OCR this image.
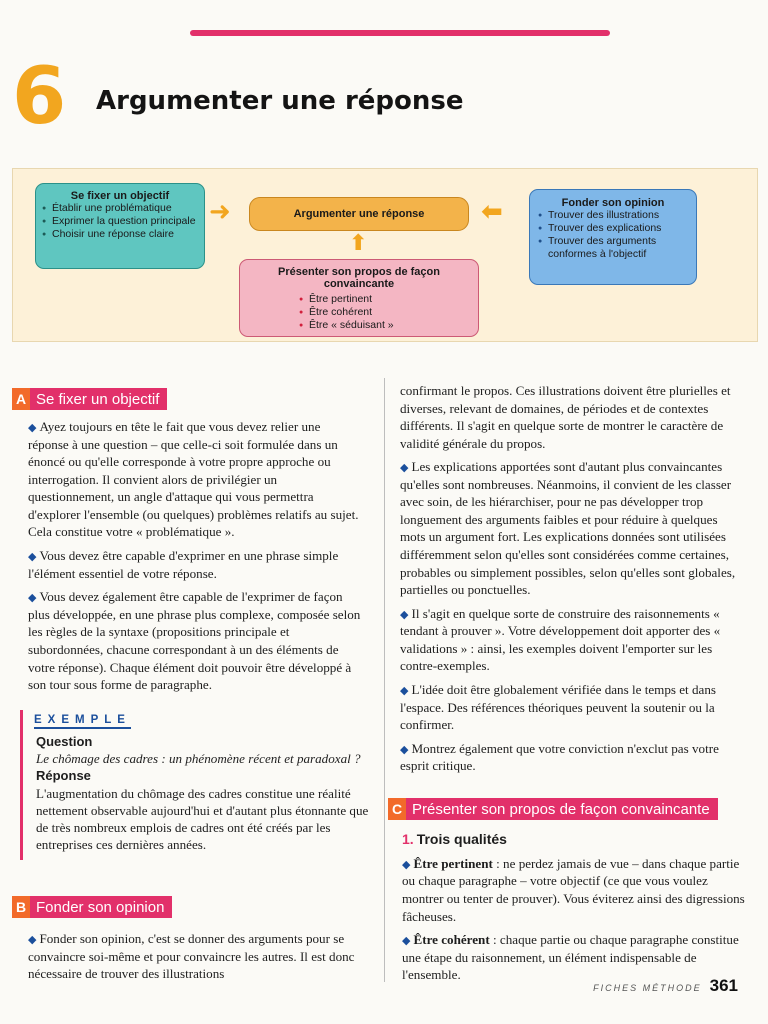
6 Argumenter une réponse
Se fixer un objectif
● Établir une problématique
● Exprimer la question principale
● Choisir une réponse claire
➜	Argumenter une réponse	⬅
⬆
Fonder son opinion
● Trouver des illustrations
● Trouver des explications
● Trouver des arguments conformes à l'objectif
Présenter son propos de façon convaincante
● Être pertinent
● Être cohérent
● Être « séduisant »
A Se fixer un objectif

◆ Ayez toujours en tête le fait que vous devez relier une réponse à une question – que celle-ci soit formulée dans un énoncé ou qu'elle corresponde à votre propre approche ou interrogation. Il convient alors de privilégier un questionnement, un angle d'attaque qui vous permettra d'explorer l'ensemble (ou quelques) problèmes relatifs au sujet. Cela constitue votre « problématique ».

◆ Vous devez être capable d'exprimer en une phrase simple l'élément essentiel de votre réponse.

◆ Vous devez également être capable de l'exprimer de façon plus développée, en une phrase plus complexe, composée selon les règles de la syntaxe (propositions principale et subordonnées, chacune correspondant à un des éléments de votre réponse). Chaque élément doit pouvoir être développé à son tour sous forme de paragraphe.

EXEMPLE
Question
Le chômage des cadres : un phénomène récent et paradoxal ?
Réponse
L'augmentation du chômage des cadres constitue une réalité nettement observable aujourd'hui et d'autant plus étonnante que de très nombreux emplois de cadres ont été créés par les entreprises ces dernières années.
B Fonder son opinion

◆ Fonder son opinion, c'est se donner des arguments pour se convaincre soi-même et pour convaincre les autres. Il est donc nécessaire de trouver des illustrations

confirmant le propos. Ces illustrations doivent être plurielles et diverses, relevant de domaines, de périodes et de contextes différents. Il s'agit en quelque sorte de montrer le caractère de validité générale du propos.

◆ Les explications apportées sont d'autant plus convaincantes qu'elles sont nombreuses. Néanmoins, il convient de les classer avec soin, de les hiérarchiser, pour ne pas développer trop longuement des arguments faibles et pour réduire à quelques mots un argument fort. Les explications données sont utilisées différemment selon qu'elles sont considérées comme certaines, probables ou simplement possibles, selon qu'elles sont globales, partielles ou ponctuelles.

◆ Il s'agit en quelque sorte de construire des raisonnements « tendant à prouver ». Votre développement doit apporter des « validations » : ainsi, les exemples doivent l'emporter sur les contre-exemples.

◆ L'idée doit être globalement vérifiée dans le temps et dans l'espace. Des références théoriques peuvent la soutenir ou la confirmer.

◆ Montrez également que votre conviction n'exclut pas votre esprit critique.

C Présenter son propos de façon convaincante
1. Trois qualités

◆ Être pertinent : ne perdez jamais de vue – dans chaque partie ou chaque paragraphe – votre objectif (ce que vous voulez montrer ou tenter de prouver). Vous éviterez ainsi des digressions fâcheuses.

◆ Être cohérent : chaque partie ou chaque paragraphe constitue une étape du raisonnement, un élément indispensable de l'ensemble.

FICHES MÉTHODE 361
